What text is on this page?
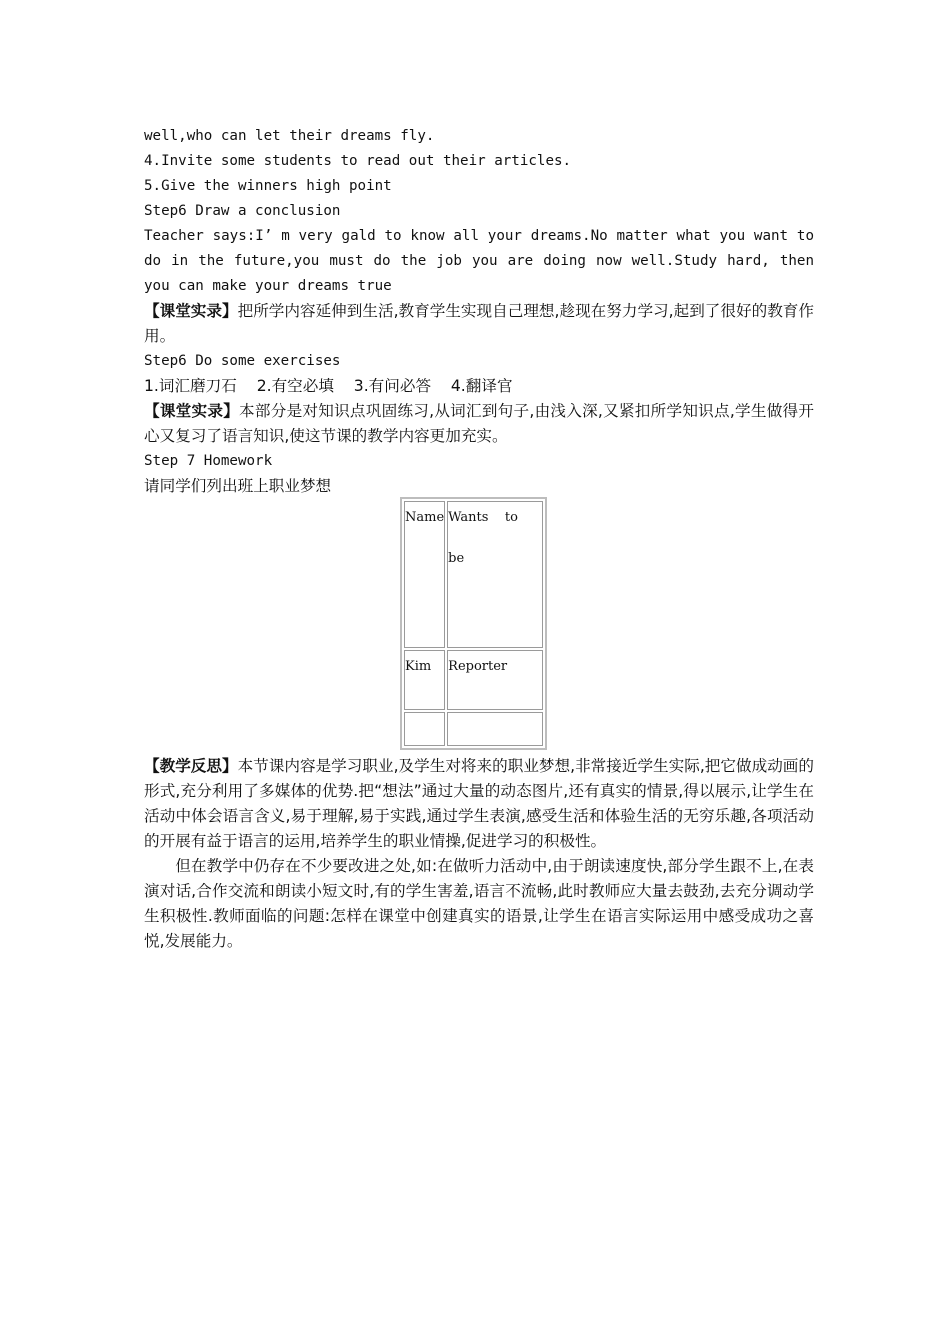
well,who can let their dreams fly.

4.Invite some students to read out their articles.

5.Give the winners high point

Step6 Draw a conclusion

Teacher says:I’ m very gald to know all your dreams.No matter what you want to

do in the future,you must do the job you are doing now well.Study hard, then

you can make your dreams true

【课堂实录】把所学内容延伸到生活,教育学生实现自己理想,趁现在努力学习,起到了很好的教育作用。

Step6 Do some exercises

1.词汇磨刀石 2.有空必填 3.有问必答 4.翻译官

【课堂实录】本部分是对知识点巩固练习,从词汇到句子,由浅入深,又紧扣所学知识点,学生做得开心又复习了语言知识,使这节课的教学内容更加充实。

Step 7 Homework

请同学们列出班上职业梦想

Name	Wants    to
be

Kim	Reporter

【教学反思】本节课内容是学习职业,及学生对将来的职业梦想,非常接近学生实际,把它做成动画的形式,充分利用了多媒体的优势.把“想法”通过大量的动态图片,还有真实的情景,得以展示,让学生在活动中体会语言含义,易于理解,易于实践,通过学生表演,感受生活和体验生活的无穷乐趣,各项活动的开展有益于语言的运用,培养学生的职业情操,促进学习的积极性。

但在教学中仍存在不少要改进之处,如:在做听力活动中,由于朗读速度快,部分学生跟不上,在表演对话,合作交流和朗读小短文时,有的学生害羞,语言不流畅,此时教师应大量去鼓劲,去充分调动学生积极性.教师面临的问题:怎样在课堂中创建真实的语景,让学生在语言实际运用中感受成功之喜悦,发展能力。
